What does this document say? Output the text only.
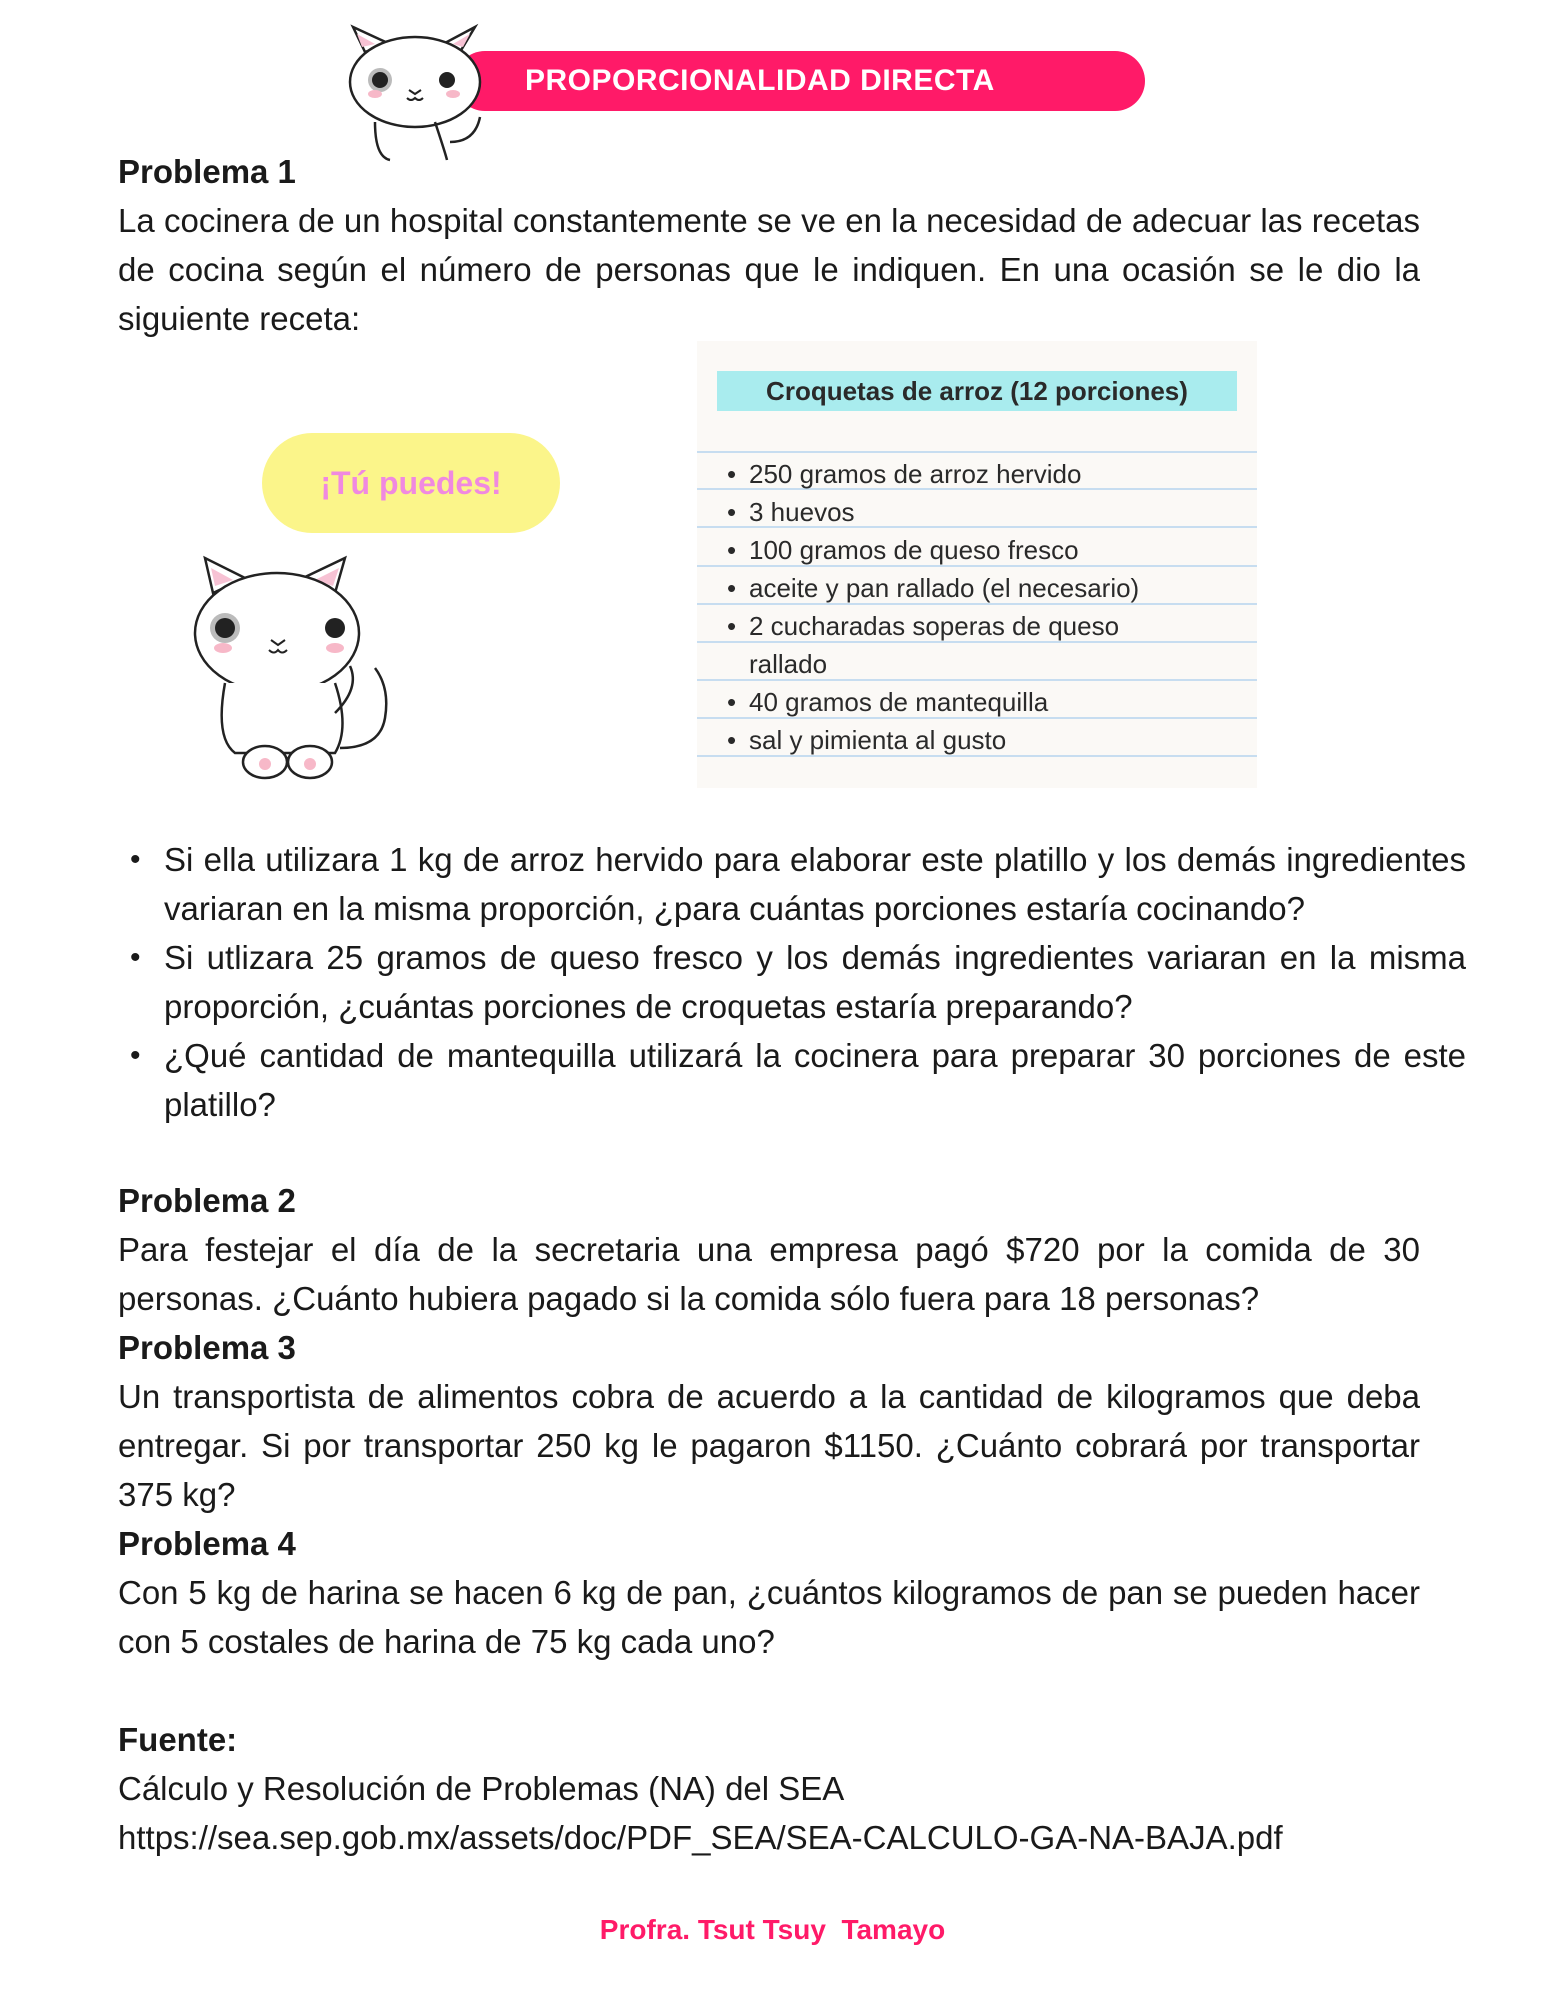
PROPORCIONALIDAD DIRECTA
Problema 1
La cocinera de un hospital constantemente se ve en la necesidad de adecuar las recetas de cocina según el número de personas que le indiquen. En una ocasión se le dio la siguiente receta:
¡Tú puedes!
Croquetas de arroz (12 porciones)
• 250 gramos de arroz hervido
• 3 huevos
• 100 gramos de queso fresco
• aceite y pan rallado (el necesario)
• 2 cucharadas soperas de queso
rallado
• 40 gramos de mantequilla
• sal y pimienta al gusto
• Si ella utilizara 1 kg de arroz hervido para elaborar este platillo y los demás ingredientes variaran en la misma proporción, ¿para cuántas porciones estaría cocinando?
• Si utlizara 25 gramos de queso fresco y los demás ingredientes variaran en la misma proporción, ¿cuántas porciones de croquetas estaría preparando?
• ¿Qué cantidad de mantequilla utilizará la cocinera para preparar 30 porciones de este platillo?
Problema 2
Para festejar el día de la secretaria una empresa pagó $720 por la comida de 30 personas. ¿Cuánto hubiera pagado si la comida sólo fuera para 18 personas?
Problema 3
Un transportista de alimentos cobra de acuerdo a la cantidad de kilogramos que deba entregar. Si por transportar 250 kg le pagaron $1150. ¿Cuánto cobrará por transportar 375 kg?
Problema 4
Con 5 kg de harina se hacen 6 kg de pan, ¿cuántos kilogramos de pan se pueden hacer con 5 costales de harina de 75 kg cada uno?
Fuente:
Cálculo y Resolución de Problemas (NA) del SEA
https://sea.sep.gob.mx/assets/doc/PDF_SEA/SEA-CALCULO-GA-NA-BAJA.pdf
Profra. Tsut Tsuy  Tamayo
